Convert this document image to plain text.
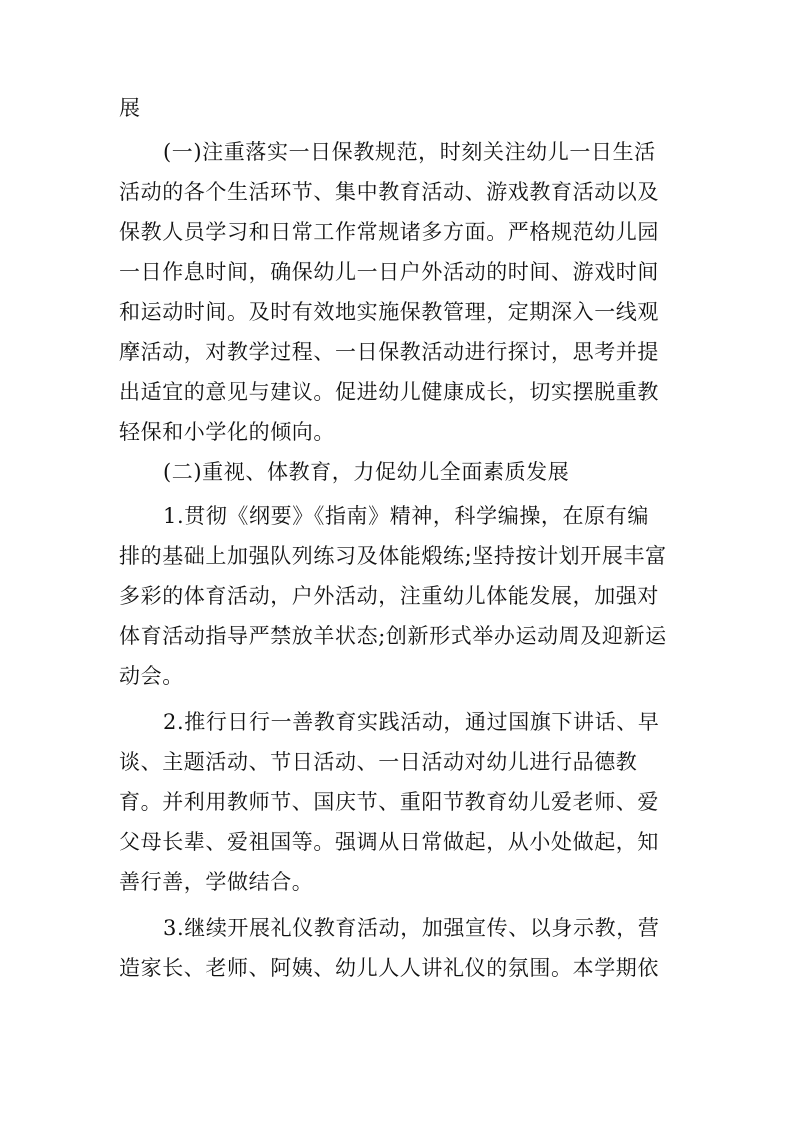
展
(一)注重落实一日保教规范，时刻关注幼儿一日生活
活动的各个生活环节、集中教育活动、游戏教育活动以及
保教人员学习和日常工作常规诸多方面。严格规范幼儿园
一日作息时间，确保幼儿一日户外活动的时间、游戏时间
和运动时间。及时有效地实施保教管理，定期深入一线观
摩活动，对教学过程、一日保教活动进行探讨，思考并提
出适宜的意见与建议。促进幼儿健康成长，切实摆脱重教
轻保和小学化的倾向。
(二)重视、体教育，力促幼儿全面素质发展
1.贯彻《纲要》《指南》精神，科学编操，在原有编
排的基础上加强队列练习及体能煅练;坚持按计划开展丰富
多彩的体育活动，户外活动，注重幼儿体能发展，加强对
体育活动指导严禁放羊状态;创新形式举办运动周及迎新运
动会。
2.推行日行一善教育实践活动，通过国旗下讲话、早
谈、主题活动、节日活动、一日活动对幼儿进行品德教
育。并利用教师节、国庆节、重阳节教育幼儿爱老师、爱
父母长辈、爱祖国等。强调从日常做起，从小处做起，知
善行善，学做结合。
3.继续开展礼仪教育活动，加强宣传、以身示教，营
造家长、老师、阿姨、幼儿人人讲礼仪的氛围。本学期依
